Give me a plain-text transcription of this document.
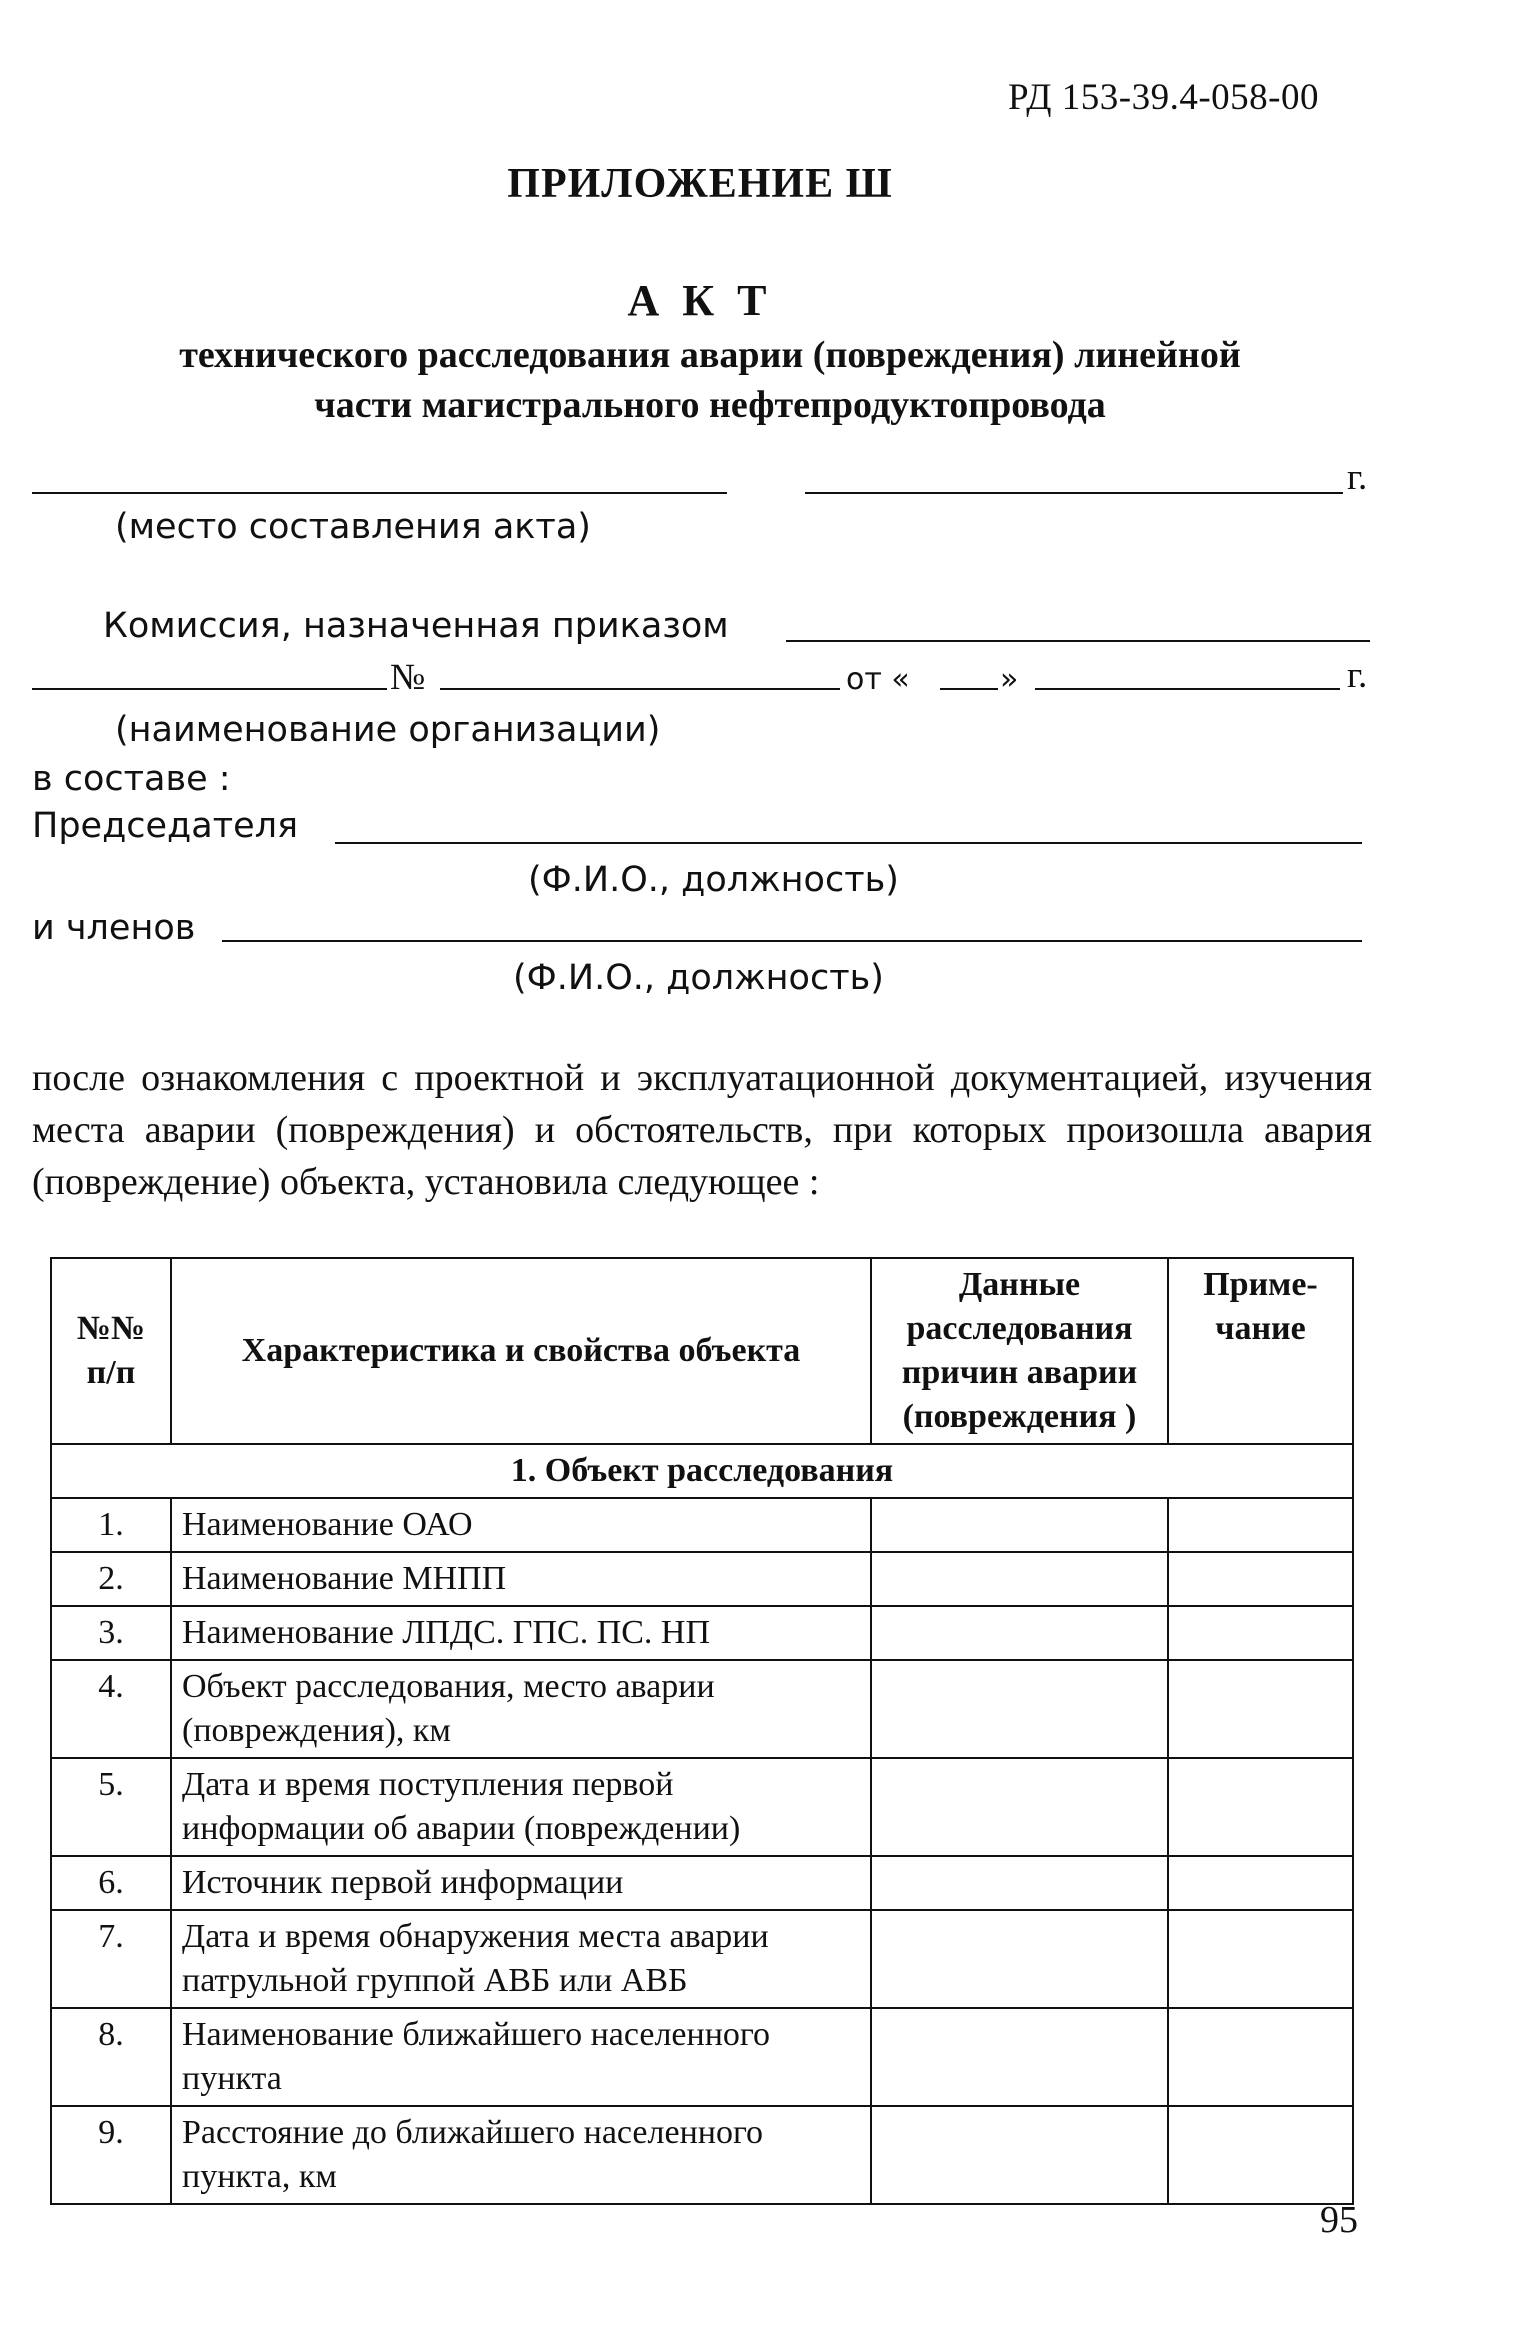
РД 153-39.4-058-00
ПРИЛОЖЕНИЕ Ш
А К Т
технического расследования аварии (повреждения) линейной
части магистрального нефтепродуктопровода
г.
(место составления акта)
Комиссия, назначенная приказом
№	от «	»	г.
(наименование организации)
в составе :
Председателя
(Ф.И.О., должность)
и членов
(Ф.И.О., должность)
после ознакомления с проектной и эксплуатационной документацией, изучения места аварии (повреждения) и обстоятельств, при которых произошла авария (повреждение) объекта, установила следующее :
№№ п/п	Характеристика и свойства объекта	Данные расследования причин аварии (повреждения )	Приме-чание
1. Объект расследования			
1.	Наименование ОАО		
2.	Наименование МНПП		
3.	Наименование ЛПДС. ГПС. ПС. НП		
4.	Объект расследования, место аварии (повреждения), км		
5.	Дата и время поступления первой информации об аварии (повреждении)		
6.	Источник первой информации		
7.	Дата и время обнаружения места аварии патрульной группой АВБ или АВБ		
8.	Наименование ближайшего населенного пункта		
9.	Расстояние до ближайшего населенного пункта, км		
95
